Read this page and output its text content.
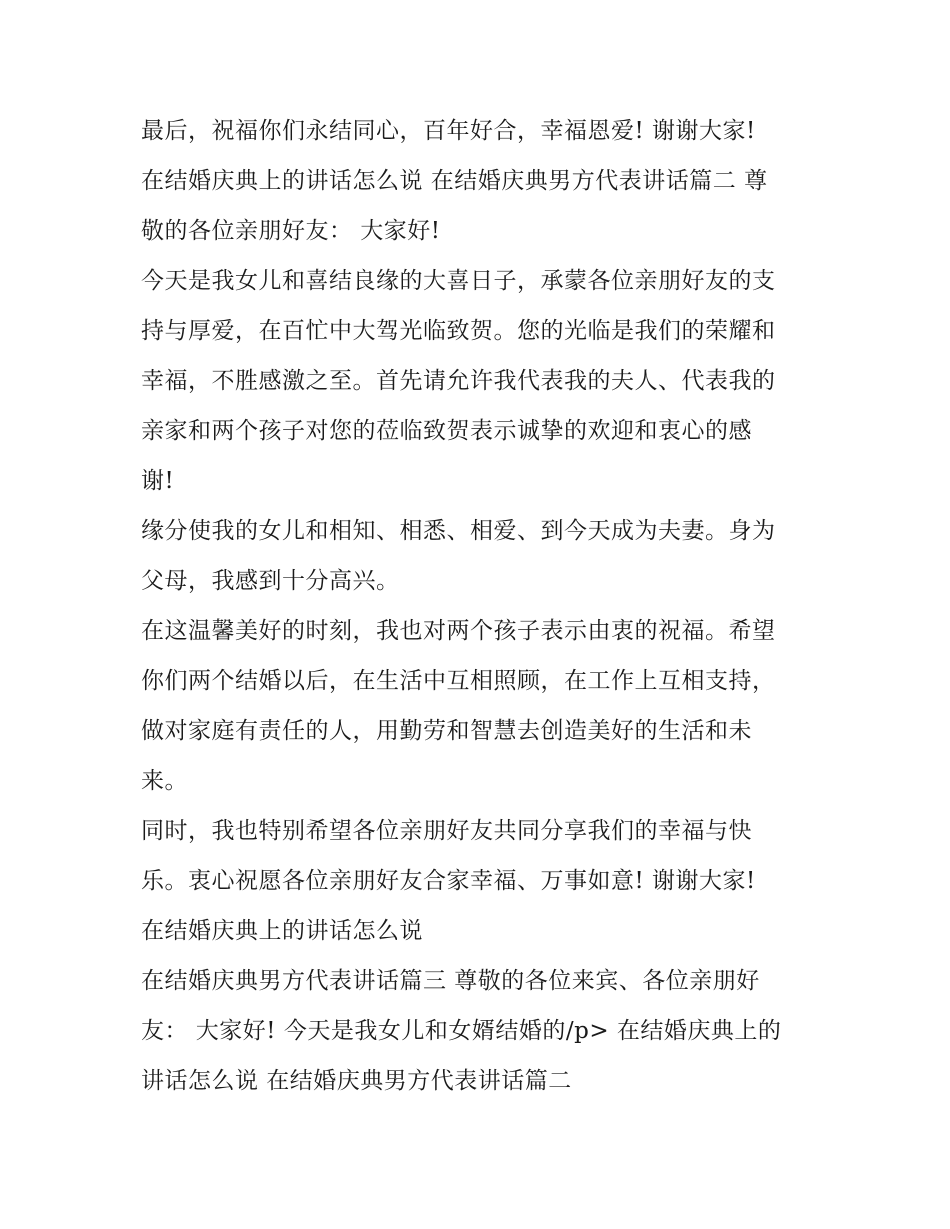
最后，祝福你们永结同心，百年好合，幸福恩爱! 谢谢大家!
在结婚庆典上的讲话怎么说 在结婚庆典男方代表讲话篇二 尊
敬的各位亲朋好友： 大家好!
今天是我女儿和喜结良缘的大喜日子，承蒙各位亲朋好友的支
持与厚爱，在百忙中大驾光临致贺。您的光临是我们的荣耀和
幸福，不胜感激之至。首先请允许我代表我的夫人、代表我的
亲家和两个孩子对您的莅临致贺表示诚挚的欢迎和衷心的感
谢!
缘分使我的女儿和相知、相悉、相爱、到今天成为夫妻。身为
父母，我感到十分高兴。
在这温馨美好的时刻，我也对两个孩子表示由衷的祝福。希望
你们两个结婚以后，在生活中互相照顾，在工作上互相支持，
做对家庭有责任的人，用勤劳和智慧去创造美好的生活和未
来。
同时，我也特别希望各位亲朋好友共同分享我们的幸福与快
乐。衷心祝愿各位亲朋好友合家幸福、万事如意! 谢谢大家!
在结婚庆典上的讲话怎么说
在结婚庆典男方代表讲话篇三 尊敬的各位来宾、各位亲朋好
友： 大家好! 今天是我女儿和女婿结婚的/p> 在结婚庆典上的
讲话怎么说 在结婚庆典男方代表讲话篇二
